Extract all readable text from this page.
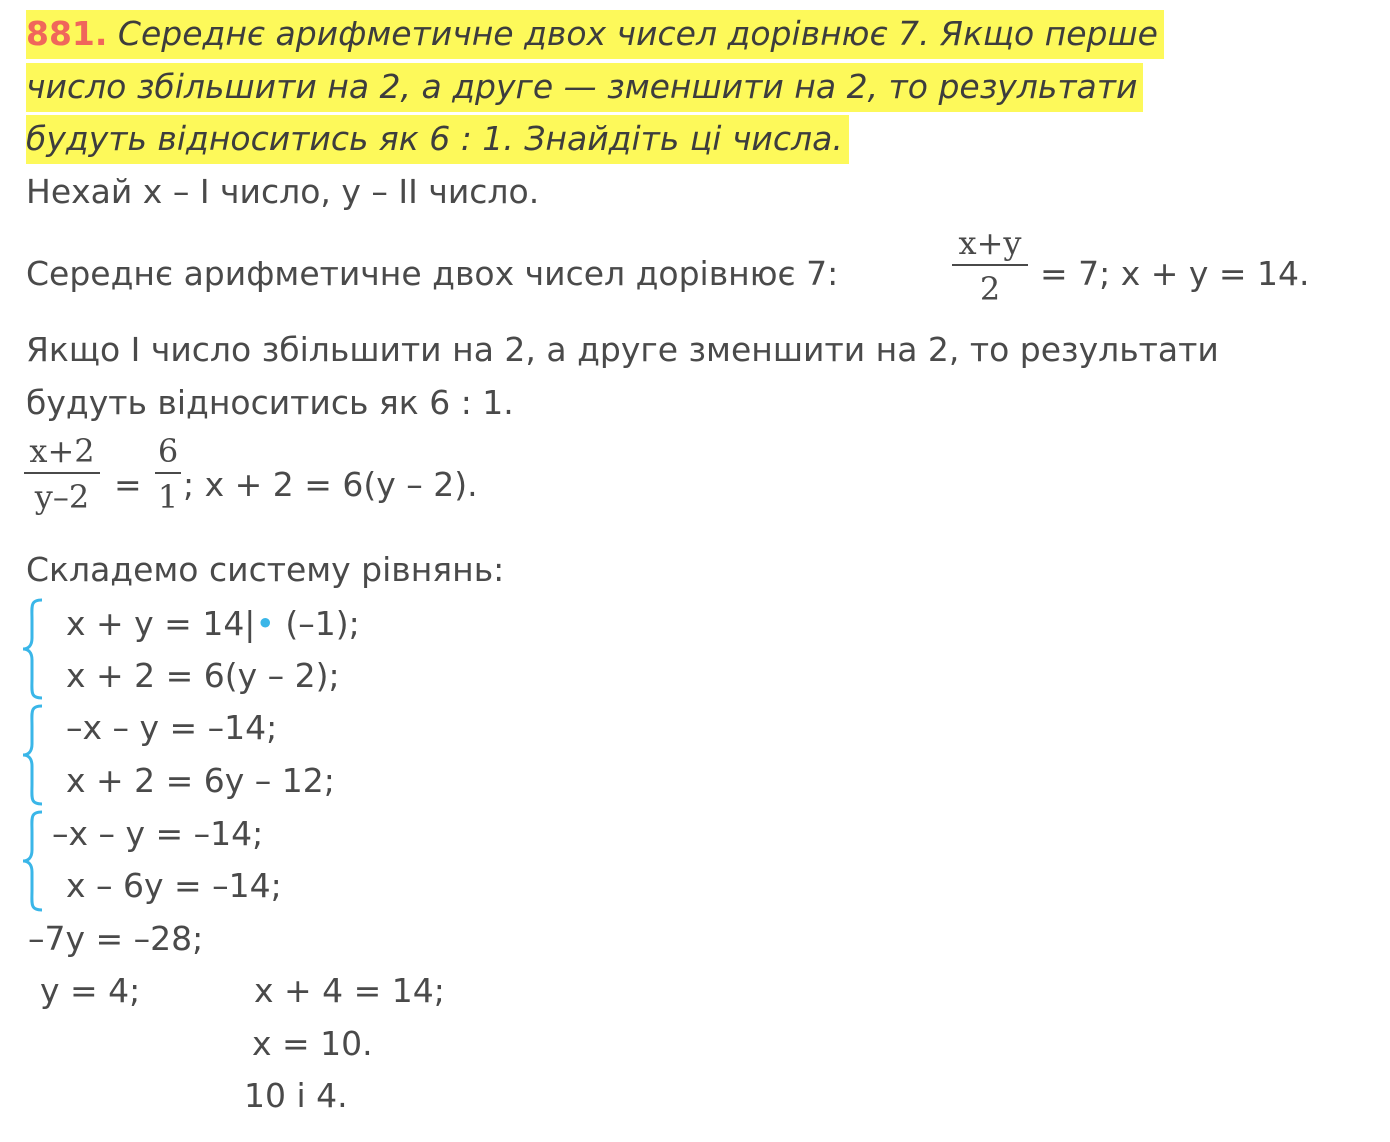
881. Середнє арифметичне двох чисел дорівнює 7. Якщо перше
число збільшити на 2, а друге — зменшити на 2, то результати
будуть відноситись як 6 : 1. Знайдіть ці числа.
Нехай x – I число, y – II число.
Середнє арифметичне двох чисел дорівнює 7:
x+y
2	= 7; x + y = 14.
Якщо I число збільшити на 2, а друге зменшити на 2, то результати
будуть відноситись як 6 : 1.
x+2
y–2 =
6
1 ; x + 2 = 6(y – 2).
Складемо систему рівнянь:
x + y = 14|• (–1);
x + 2 = 6(y – 2);
–x – y = –14;
x + 2 = 6y – 12;
–x – y = –14;
x – 6y = –14;
–7y = –28;
y = 4;	x + 4 = 14;
x = 10.
10 і 4.
